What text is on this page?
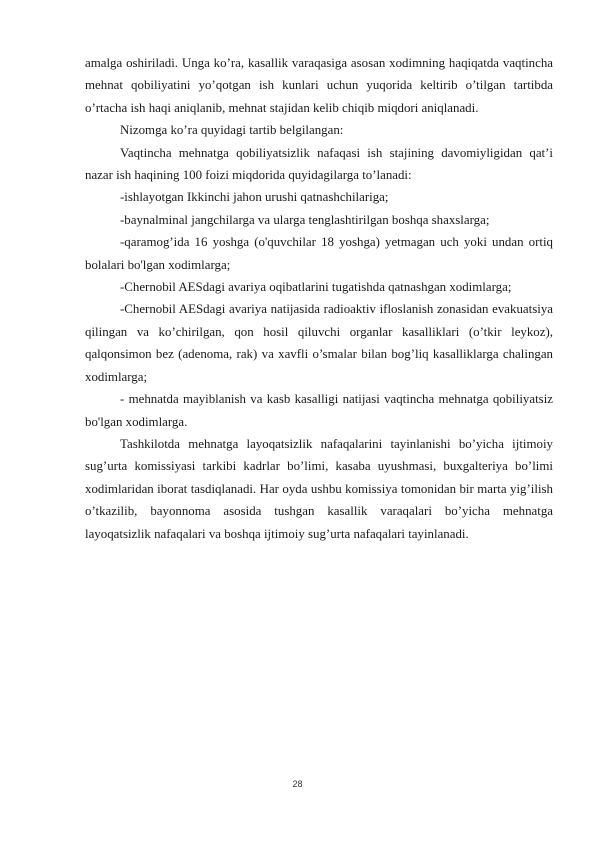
amalga oshiriladi. Unga ko’ra, kasallik varaqasiga asosan xodimning haqiqatda vaqtincha mehnat qobiliyatini yo’qotgan ish kunlari uchun yuqorida keltirib o’tilgan tartibda o’rtacha ish haqi aniqlanib, mehnat stajidan kelib chiqib miqdori aniqlanadi.

Nizomga ko’ra quyidagi tartib belgilangan:

Vaqtincha mehnatga qobiliyatsizlik nafaqasi ish stajining davomiyligidan qat’i nazar ish haqining 100 foizi miqdorida quyidagilarga to’lanadi:

-ishlayotgan Ikkinchi jahon urushi qatnashchilariga;

-baynalminal jangchilarga va ularga tenglashtirilgan boshqa shaxslarga;

-qaramog’ida 16 yoshga (o'quvchilar 18 yoshga) yetmagan uch yoki undan ortiq bolalari bo'lgan xodimlarga;

-Chernobil AESdagi avariya oqibatlarini tugatishda qatnashgan xodimlarga;

-Chernobil AESdagi avariya natijasida radioaktiv ifloslanish zonasidan evakuatsiya qilingan va ko’chirilgan, qon hosil qiluvchi organlar kasalliklari (o’tkir leykoz), qalqonsimon bez (adenoma, rak) va xavfli o’smalar bilan bog’liq kasalliklarga chalingan xodimlarga;

- mehnatda mayiblanish va kasb kasalligi natijasi vaqtincha mehnatga qobiliyatsiz bo'lgan xodimlarga.

Tashkilotda mehnatga layoqatsizlik nafaqalarini tayinlanishi bo’yicha ijtimoiy sug’urta komissiyasi tarkibi kadrlar bo’limi, kasaba uyushmasi, buxgalteriya bo’limi xodimlaridan iborat tasdiqlanadi. Har oyda ushbu komissiya tomonidan bir marta yig’ilish o’tkazilib, bayonnoma asosida tushgan kasallik varaqalari bo’yicha mehnatga layoqatsizlik nafaqalari va boshqa ijtimoiy sug’urta nafaqalari tayinlanadi.

28
